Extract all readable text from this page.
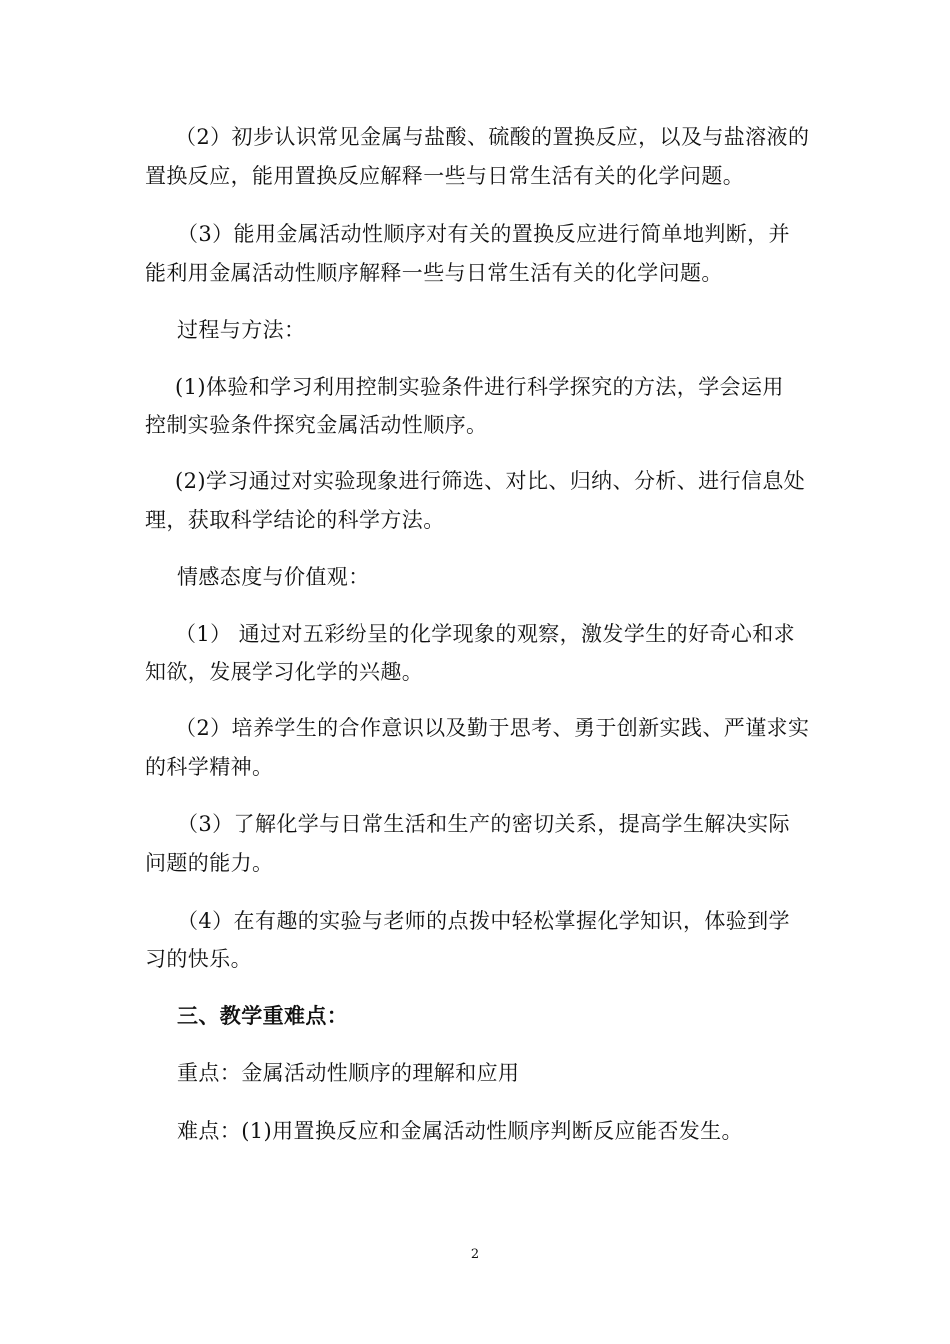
（2）初步认识常见金属与盐酸、硫酸的置换反应，以及与盐溶液的
置换反应，能用置换反应解释一些与日常生活有关的化学问题。
（3）能用金属活动性顺序对有关的置换反应进行简单地判断，并
能利用金属活动性顺序解释一些与日常生活有关的化学问题。
过程与方法：
(1)体验和学习利用控制实验条件进行科学探究的方法，学会运用
控制实验条件探究金属活动性顺序。
(2)学习通过对实验现象进行筛选、对比、归纳、分析、进行信息处
理，获取科学结论的科学方法。
情感态度与价值观：
（1） 通过对五彩纷呈的化学现象的观察，激发学生的好奇心和求
知欲，发展学习化学的兴趣。
（2）培养学生的合作意识以及勤于思考、勇于创新实践、严谨求实
的科学精神。
（3）了解化学与日常生活和生产的密切关系，提高学生解决实际
问题的能力。
（4）在有趣的实验与老师的点拨中轻松掌握化学知识，体验到学
习的快乐。
三、教学重难点：
重点：金属活动性顺序的理解和应用
难点：(1)用置换反应和金属活动性顺序判断反应能否发生。
2
